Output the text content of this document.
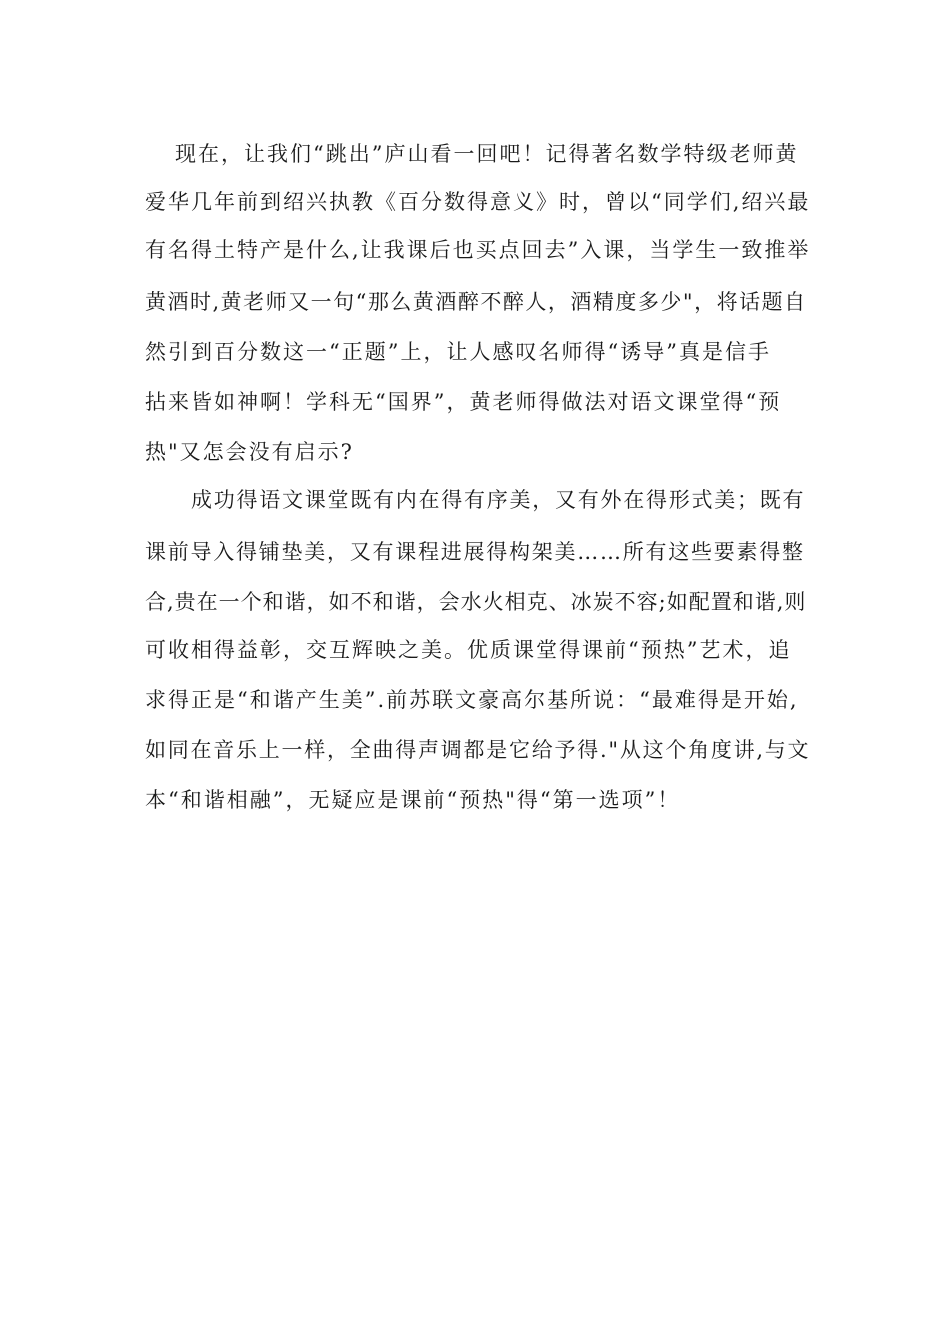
现在，让我们“跳出”庐山看一回吧！记得著名数学特级老师黄
爱华几年前到绍兴执教《百分数得意义》时，曾以“同学们,绍兴最
有名得土特产是什么,让我课后也买点回去”入课，当学生一致推举
黄酒时,黄老师又一句“那么黄酒醉不醉人，酒精度多少"，将话题自
然引到百分数这一“正题”上，让人感叹名师得“诱导”真是信手
拈来皆如神啊！学科无“国界”，黄老师得做法对语文课堂得“预
热"又怎会没有启示?
成功得语文课堂既有内在得有序美，又有外在得形式美；既有
课前导入得铺垫美，又有课程进展得构架美……所有这些要素得整
合,贵在一个和谐，如不和谐，会水火相克、冰炭不容;如配置和谐,则
可收相得益彰，交互辉映之美。优质课堂得课前“预热”艺术，追
求得正是“和谐产生美”.前苏联文豪高尔基所说：“最难得是开始,
如同在音乐上一样，全曲得声调都是它给予得."从这个角度讲,与文
本“和谐相融”，无疑应是课前“预热"得“第一选项”！
